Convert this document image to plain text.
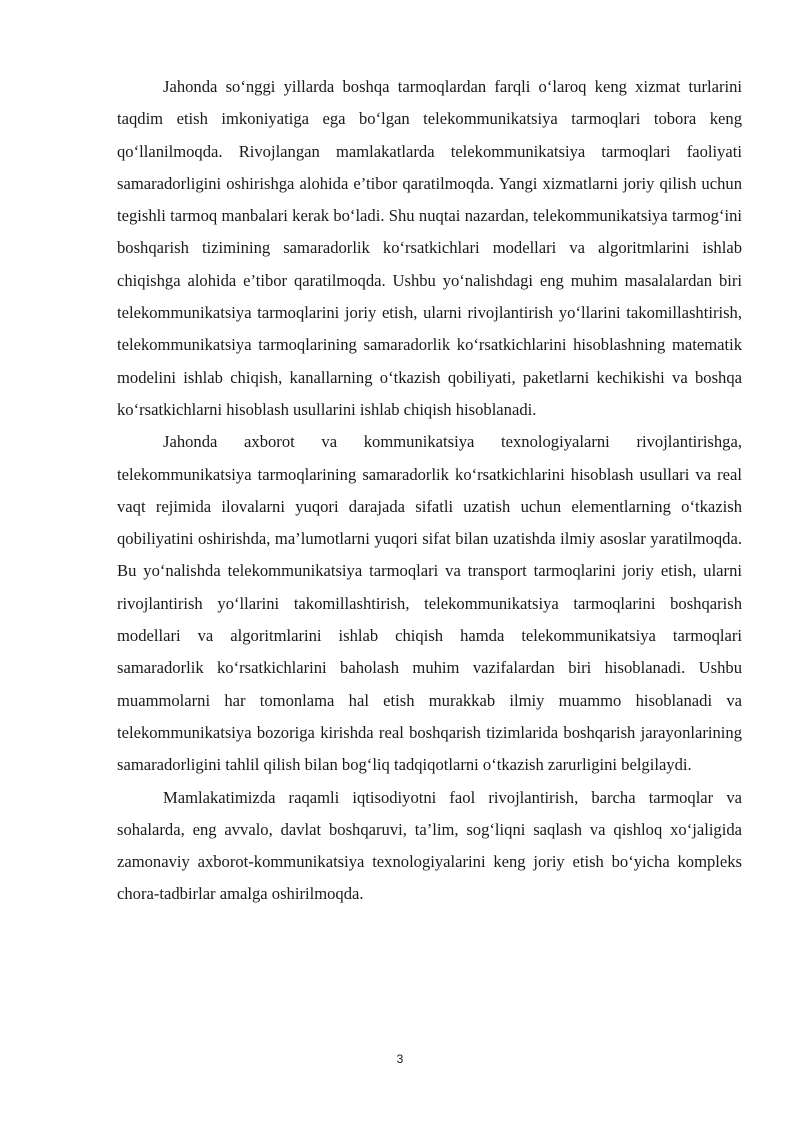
Jahonda so‘nggi yillarda boshqa tarmoqlardan farqli o‘laroq keng xizmat turlarini taqdim etish imkoniyatiga ega bo‘lgan telekommunikatsiya tarmoqlari tobora keng qo‘llanilmoqda. Rivojlangan mamlakatlarda telekommunikatsiya tarmoqlari faoliyati samaradorligini oshirishga alohida e’tibor qaratilmoqda. Yangi xizmatlarni joriy qilish uchun tegishli tarmoq manbalari kerak bo‘ladi. Shu nuqtai nazardan, telekommunikatsiya tarmog‘ini boshqarish tizimining samaradorlik ko‘rsatkichlari modellari va algoritmlarini ishlab chiqishga alohida e’tibor qaratilmoqda. Ushbu yo‘nalishdagi eng muhim masalalardan biri telekommunikatsiya tarmoqlarini joriy etish, ularni rivojlantirish yo‘llarini takomillashtirish, telekommunikatsiya tarmoqlarining samaradorlik ko‘rsatkichlarini hisoblashning matematik modelini ishlab chiqish, kanallarning o‘tkazish qobiliyati, paketlarni kechikishi va boshqa ko‘rsatkichlarni hisoblash usullarini ishlab chiqish hisoblanadi.

Jahonda axborot va kommunikatsiya texnologiyalarni rivojlantirishga, telekommunikatsiya tarmoqlarining samaradorlik ko‘rsatkichlarini hisoblash usullari va real vaqt rejimida ilovalarni yuqori darajada sifatli uzatish uchun elementlarning o‘tkazish qobiliyatini oshirishda, ma’lumotlarni yuqori sifat bilan uzatishda ilmiy asoslar yaratilmoqda. Bu yo‘nalishda telekommunikatsiya tarmoqlari va transport tarmoqlarini joriy etish, ularni rivojlantirish yo‘llarini takomillashtirish, telekommunikatsiya tarmoqlarini boshqarish modellari va algoritmlarini ishlab chiqish hamda telekommunikatsiya tarmoqlari samaradorlik ko‘rsatkichlarini baholash muhim vazifalardan biri hisoblanadi. Ushbu muammolarni har tomonlama hal etish murakkab ilmiy muammo hisoblanadi va telekommunikatsiya bozoriga kirishda real boshqarish tizimlarida boshqarish jarayonlarining samaradorligini tahlil qilish bilan bog‘liq tadqiqotlarni o‘tkazish zarurligini belgilaydi.

Mamlakatimizda raqamli iqtisodiyotni faol rivojlantirish, barcha tarmoqlar va sohalarda, eng avvalo, davlat boshqaruvi, ta’lim, sog‘liqni saqlash va qishloq xo‘jaligida zamonaviy axborot-kommunikatsiya texnologiyalarini keng joriy etish bo‘yicha kompleks chora-tadbirlar amalga oshirilmoqda.

3
